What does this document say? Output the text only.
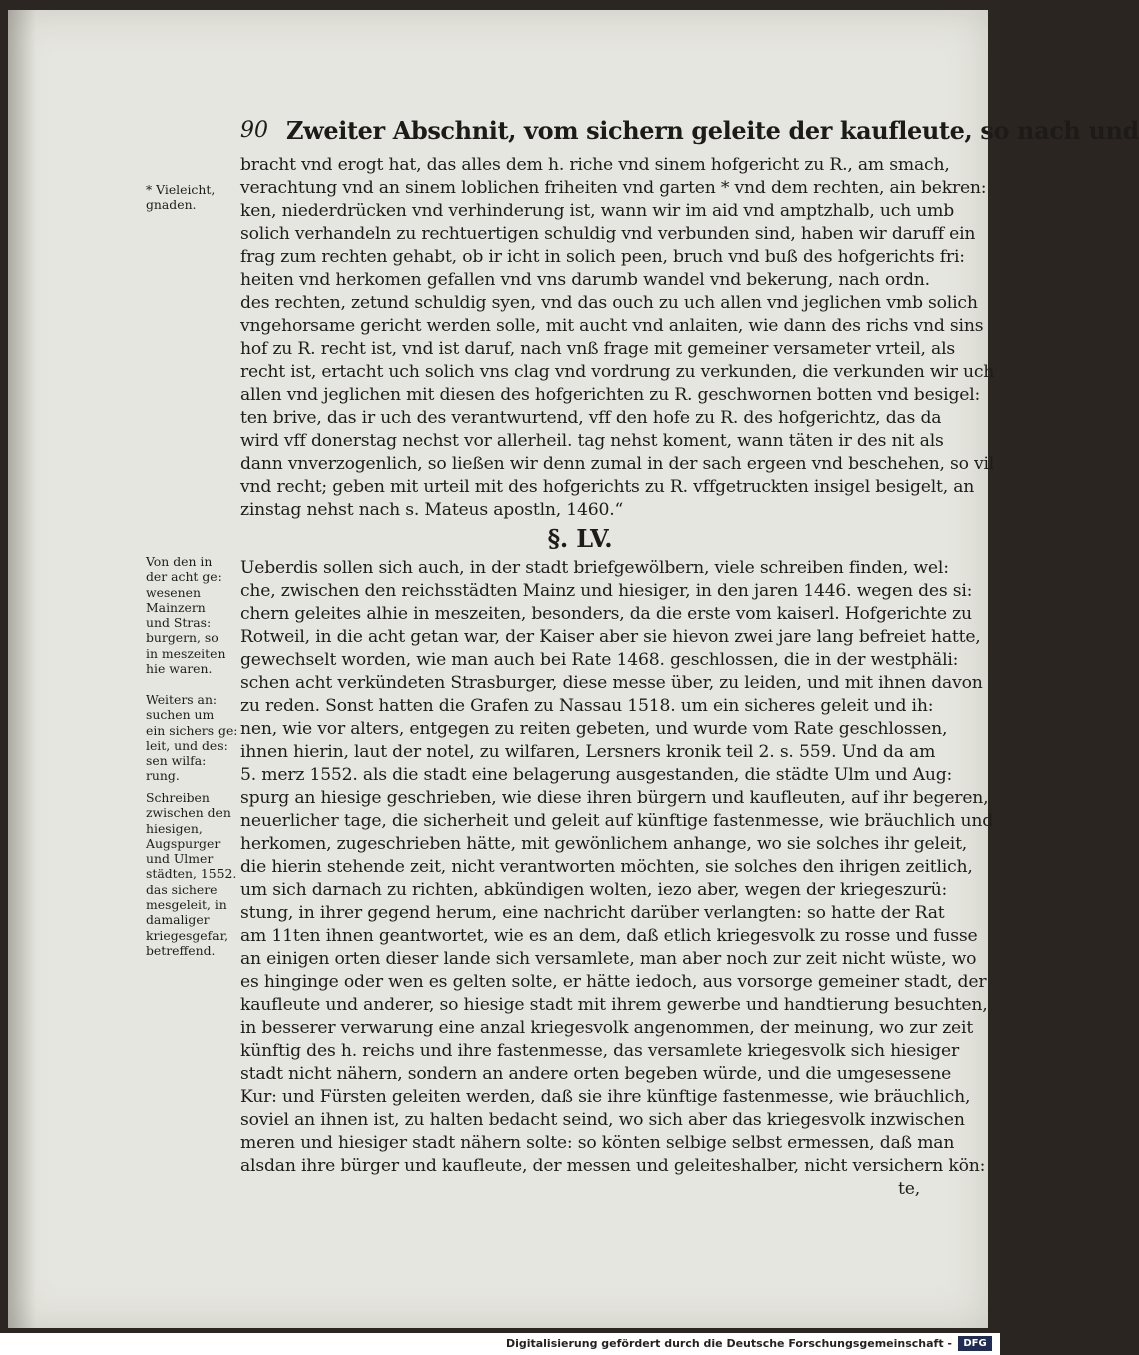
90 Zweiter Abschnit, vom sichern geleite der kaufleute, so nach und
bracht vnd erogt hat, das alles dem h. riche vnd sinem hofgericht zu R., am smach,
verachtung vnd an sinem loblichen friheiten vnd garten * vnd dem rechten, ain bekren:
ken, niederdrücken vnd verhinderung ist, wann wir im aid vnd amptzhalb, uch umb
solich verhandeln zu rechtuertigen schuldig vnd verbunden sind, haben wir daruff ein
frag zum rechten gehabt, ob ir icht in solich peen, bruch vnd buß des hofgerichts fri:
heiten vnd herkomen gefallen vnd vns darumb wandel vnd bekerung, nach ordn.
des rechten, zetund schuldig syen, vnd das ouch zu uch allen vnd jeglichen vmb solich
vngehorsame gericht werden solle, mit aucht vnd anlaiten, wie dann des richs vnd sins
hof zu R. recht ist, vnd ist daruf, nach vnß frage mit gemeiner versameter vrteil, als
recht ist, ertacht uch solich vns clag vnd vordrung zu verkunden, die verkunden wir uch
allen vnd jeglichen mit diesen des hofgerichten zu R. geschwornen botten vnd besigel:
ten brive, das ir uch des verantwurtend, vff den hofe zu R. des hofgerichtz, das da
wird vff donerstag nechst vor allerheil. tag nehst koment, wann täten ir des nit als
dann vnverzogenlich, so ließen wir denn zumal in der sach ergeen vnd beschehen, so vil
vnd recht; geben mit urteil mit des hofgerichts zu R. vffgetruckten insigel besigelt, an
zinstag nehst nach s. Mateus apostln, 1460.“
§. LV.
Ueberdis sollen sich auch, in der stadt briefgewölbern, viele schreiben finden, wel:
che, zwischen den reichsstädten Mainz und hiesiger, in den jaren 1446. wegen des si:
chern geleites alhie in meszeiten, besonders, da die erste vom kaiserl. Hofgerichte zu
Rotweil, in die acht getan war, der Kaiser aber sie hievon zwei jare lang befreiet hatte,
gewechselt worden, wie man auch bei Rate 1468. geschlossen, die in der westphäli:
schen acht verkündeten Strasburger, diese messe über, zu leiden, und mit ihnen davon
zu reden. Sonst hatten die Grafen zu Nassau 1518. um ein sicheres geleit und ih:
nen, wie vor alters, entgegen zu reiten gebeten, und wurde vom Rate geschlossen,
ihnen hierin, laut der notel, zu wilfaren, Lersners kronik teil 2. s. 559. Und da am
5. merz 1552. als die stadt eine belagerung ausgestanden, die städte Ulm und Aug:
spurg an hiesige geschrieben, wie diese ihren bürgern und kaufleuten, auf ihr begeren,
neuerlicher tage, die sicherheit und geleit auf künftige fastenmesse, wie bräuchlich und
herkomen, zugeschrieben hätte, mit gewönlichem anhange, wo sie solches ihr geleit,
die hierin stehende zeit, nicht verantworten möchten, sie solches den ihrigen zeitlich,
um sich darnach zu richten, abkündigen wolten, iezo aber, wegen der kriegeszurü:
stung, in ihrer gegend herum, eine nachricht darüber verlangten: so hatte der Rat
am 11ten ihnen geantwortet, wie es an dem, daß etlich kriegesvolk zu rosse und fusse
an einigen orten dieser lande sich versamlete, man aber noch zur zeit nicht wüste, wo
es hinginge oder wen es gelten solte, er hätte iedoch, aus vorsorge gemeiner stadt, der
kaufleute und anderer, so hiesige stadt mit ihrem gewerbe und handtierung besuchten,
in besserer verwarung eine anzal kriegesvolk angenommen, der meinung, wo zur zeit
künftig des h. reichs und ihre fastenmesse, das versamlete kriegesvolk sich hiesiger
stadt nicht nähern, sondern an andere orten begeben würde, und die umgesessene
Kur: und Fürsten geleiten werden, daß sie ihre künftige fastenmesse, wie bräuchlich,
soviel an ihnen ist, zu halten bedacht seind, wo sich aber das kriegesvolk inzwischen
meren und hiesiger stadt nähern solte: so könten selbige selbst ermessen, daß man
alsdan ihre bürger und kaufleute, der messen und geleiteshalber, nicht versichern kön:
te,
* Vieleicht,
gnaden.
Von den in
der acht ge:
wesenen
Mainzern
und Stras:
burgern, so
in meszeiten
hie waren.
Weiters an:
suchen um
ein sichers ge:
leit, und des:
sen wilfa:
rung.
Schreiben
zwischen den
hiesigen,
Augspurger
und Ulmer
städten, 1552.
das sichere
mesgeleit, in
damaliger
kriegesgefar,
betreffend.
Digitalisierung gefördert durch die Deutsche Forschungsgemeinschaft -	DFG
